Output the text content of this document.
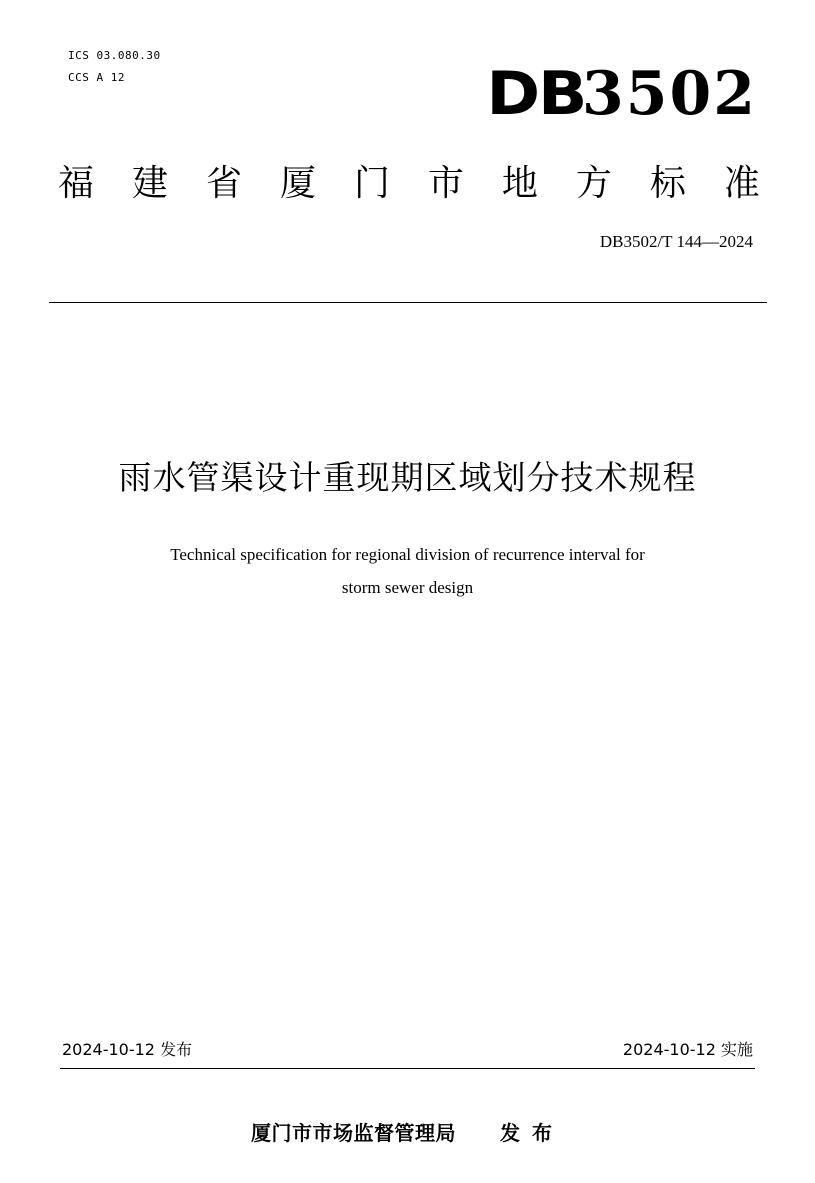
ICS 03.080.30
CCS A 12	DB3502
福 建 省 厦 门 市 地 方 标 准
DB3502/T 144—2024
雨水管渠设计重现期区域划分技术规程
Technical specification for regional division of recurrence interval for
storm sewer design
2024-10-12 发布	2024-10-12 实施
厦门市市场监督管理局 发布
